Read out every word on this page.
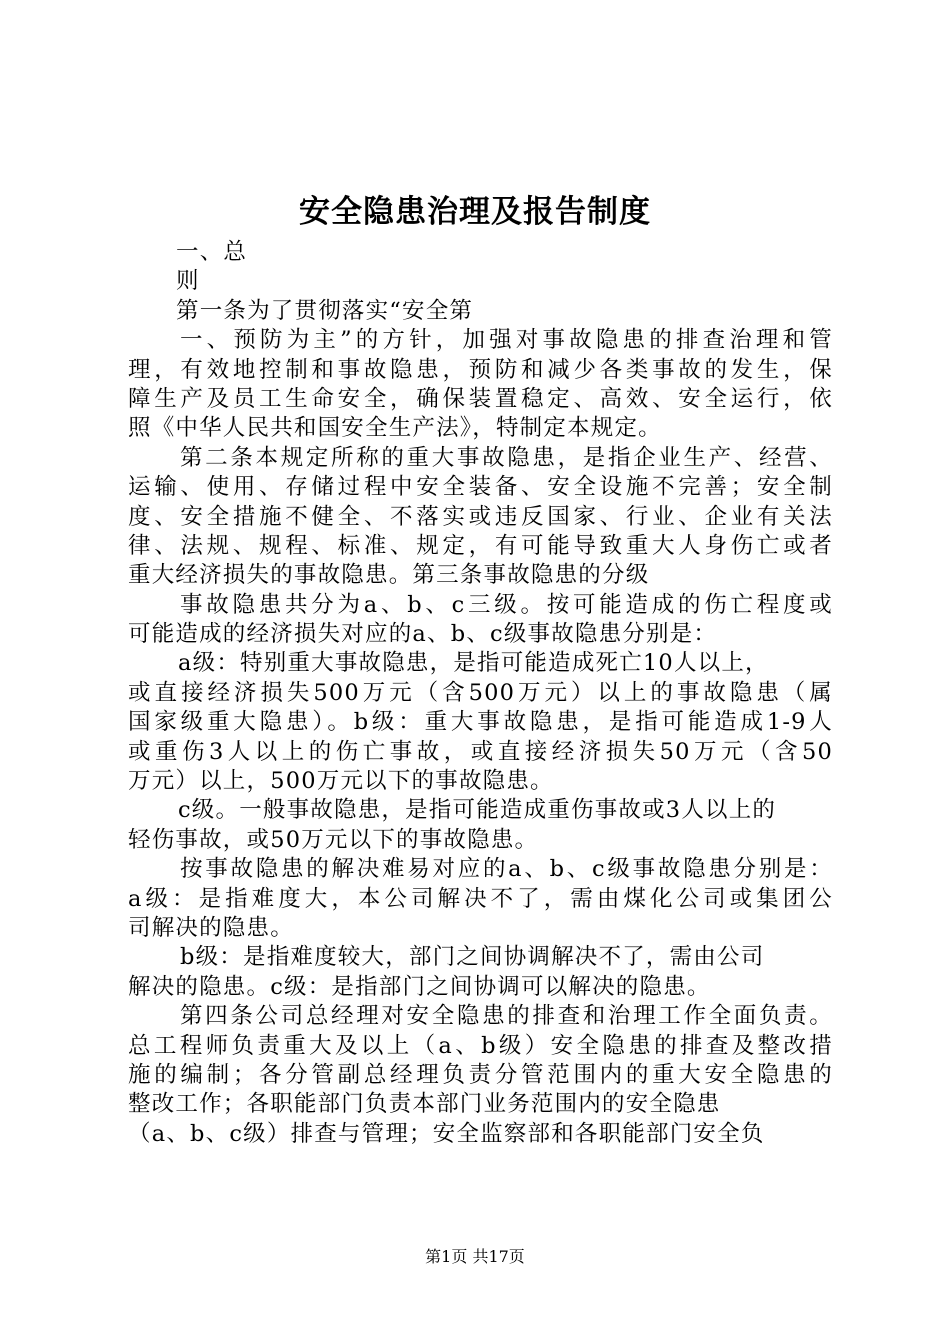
安全隐患治理及报告制度
一、总
则
第一条为了贯彻落实“安全第
一、预防为主”的方针，加强对事故隐患的排查治理和管
理，有效地控制和事故隐患，预防和减少各类事故的发生，保
障生产及员工生命安全，确保装置稳定、高效、安全运行，依
照《中华人民共和国安全生产法》，特制定本规定。
第二条本规定所称的重大事故隐患，是指企业生产、经营、
运输、使用、存储过程中安全装备、安全设施不完善；安全制
度、安全措施不健全、不落实或违反国家、行业、企业有关法
律、法规、规程、标准、规定，有可能导致重大人身伤亡或者
重大经济损失的事故隐患。第三条事故隐患的分级
事故隐患共分为a、b、c三级。按可能造成的伤亡程度或
可能造成的经济损失对应的a、b、c级事故隐患分别是：
a级：特别重大事故隐患，是指可能造成死亡10人以上，
或直接经济损失500万元（含500万元）以上的事故隐患（属
国家级重大隐患）。b级：重大事故隐患，是指可能造成1-9人
或重伤3人以上的伤亡事故，或直接经济损失50万元（含50
万元）以上，500万元以下的事故隐患。
c级。一般事故隐患，是指可能造成重伤事故或3人以上的
轻伤事故，或50万元以下的事故隐患。
按事故隐患的解决难易对应的a、b、c级事故隐患分别是：
a级：是指难度大，本公司解决不了，需由煤化公司或集团公
司解决的隐患。
b级：是指难度较大，部门之间协调解决不了，需由公司
解决的隐患。c级：是指部门之间协调可以解决的隐患。
第四条公司总经理对安全隐患的排查和治理工作全面负责。
总工程师负责重大及以上（a、b级）安全隐患的排查及整改措
施的编制；各分管副总经理负责分管范围内的重大安全隐患的
整改工作；各职能部门负责本部门业务范围内的安全隐患
（a、b、c级）排查与管理；安全监察部和各职能部门安全负
第1页 共17页
